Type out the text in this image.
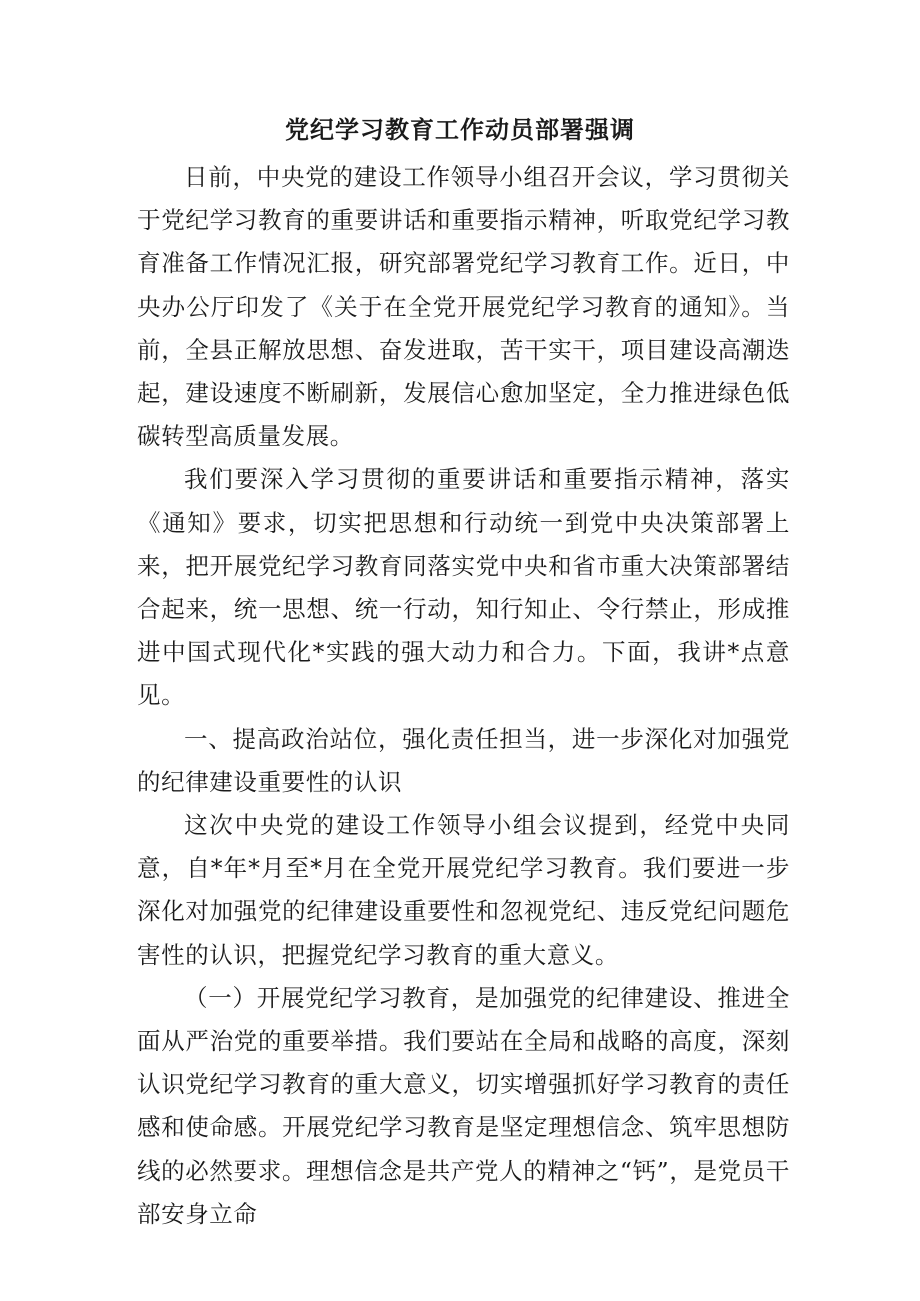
党纪学习教育工作动员部署强调

日前，中央党的建设工作领导小组召开会议，学习贯彻关于党纪学习教育的重要讲话和重要指示精神，听取党纪学习教育准备工作情况汇报，研究部署党纪学习教育工作。近日，中央办公厅印发了《关于在全党开展党纪学习教育的通知》。当前，全县正解放思想、奋发进取，苦干实干，项目建设高潮迭起，建设速度不断刷新，发展信心愈加坚定，全力推进绿色低碳转型高质量发展。

我们要深入学习贯彻的重要讲话和重要指示精神，落实《通知》要求，切实把思想和行动统一到党中央决策部署上来，把开展党纪学习教育同落实党中央和省市重大决策部署结合起来，统一思想、统一行动，知行知止、令行禁止，形成推进中国式现代化*实践的强大动力和合力。下面，我讲*点意见。

一、提高政治站位，强化责任担当，进一步深化对加强党的纪律建设重要性的认识

这次中央党的建设工作领导小组会议提到，经党中央同意，自*年*月至*月在全党开展党纪学习教育。我们要进一步深化对加强党的纪律建设重要性和忽视党纪、违反党纪问题危害性的认识，把握党纪学习教育的重大意义。

（一）开展党纪学习教育，是加强党的纪律建设、推进全面从严治党的重要举措。我们要站在全局和战略的高度，深刻认识党纪学习教育的重大意义，切实增强抓好学习教育的责任感和使命感。开展党纪学习教育是坚定理想信念、筑牢思想防线的必然要求。理想信念是共产党人的精神之“钙”，是党员干部安身立命
